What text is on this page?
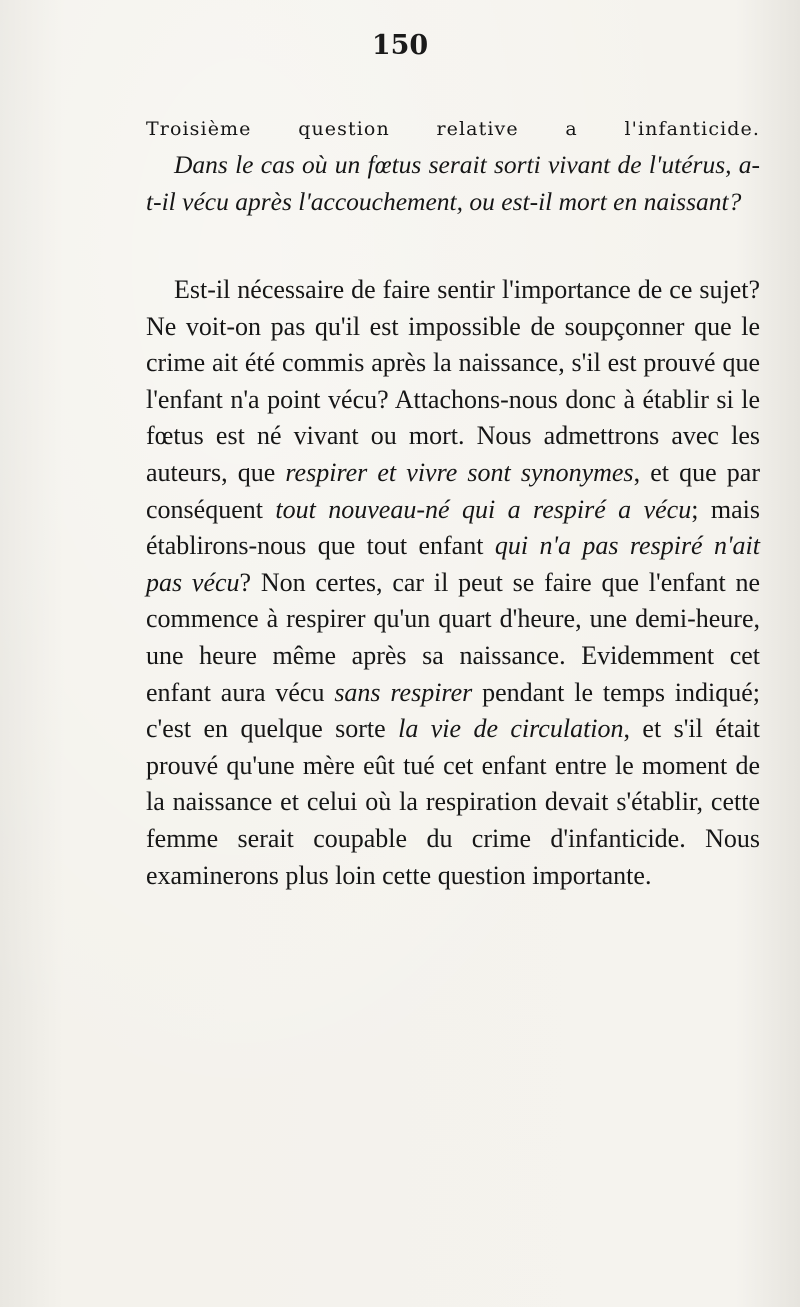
150

Troisième question relative a l'infanticide.

Dans le cas où un fœtus serait sorti vivant de l'utérus, a-t-il vécu après l'accouchement, ou est-il mort en naissant?

Est-il nécessaire de faire sentir l'importance de ce sujet? Ne voit-on pas qu'il est impossible de soupçonner que le crime ait été commis après la naissance, s'il est prouvé que l'enfant n'a point vécu? Attachons-nous donc à établir si le fœtus est né vivant ou mort. Nous admettrons avec les auteurs, que respirer et vivre sont synonymes, et que par conséquent tout nouveau-né qui a respiré a vécu; mais établirons-nous que tout enfant qui n'a pas respiré n'ait pas vécu? Non certes, car il peut se faire que l'enfant ne commence à respirer qu'un quart d'heure, une demi-heure, une heure même après sa naissance. Evidemment cet enfant aura vécu sans respirer pendant le temps indiqué; c'est en quelque sorte la vie de circulation, et s'il était prouvé qu'une mère eût tué cet enfant entre le moment de la naissance et celui où la respiration devait s'établir, cette femme serait coupable du crime d'infanticide. Nous examinerons plus loin cette question importante.
